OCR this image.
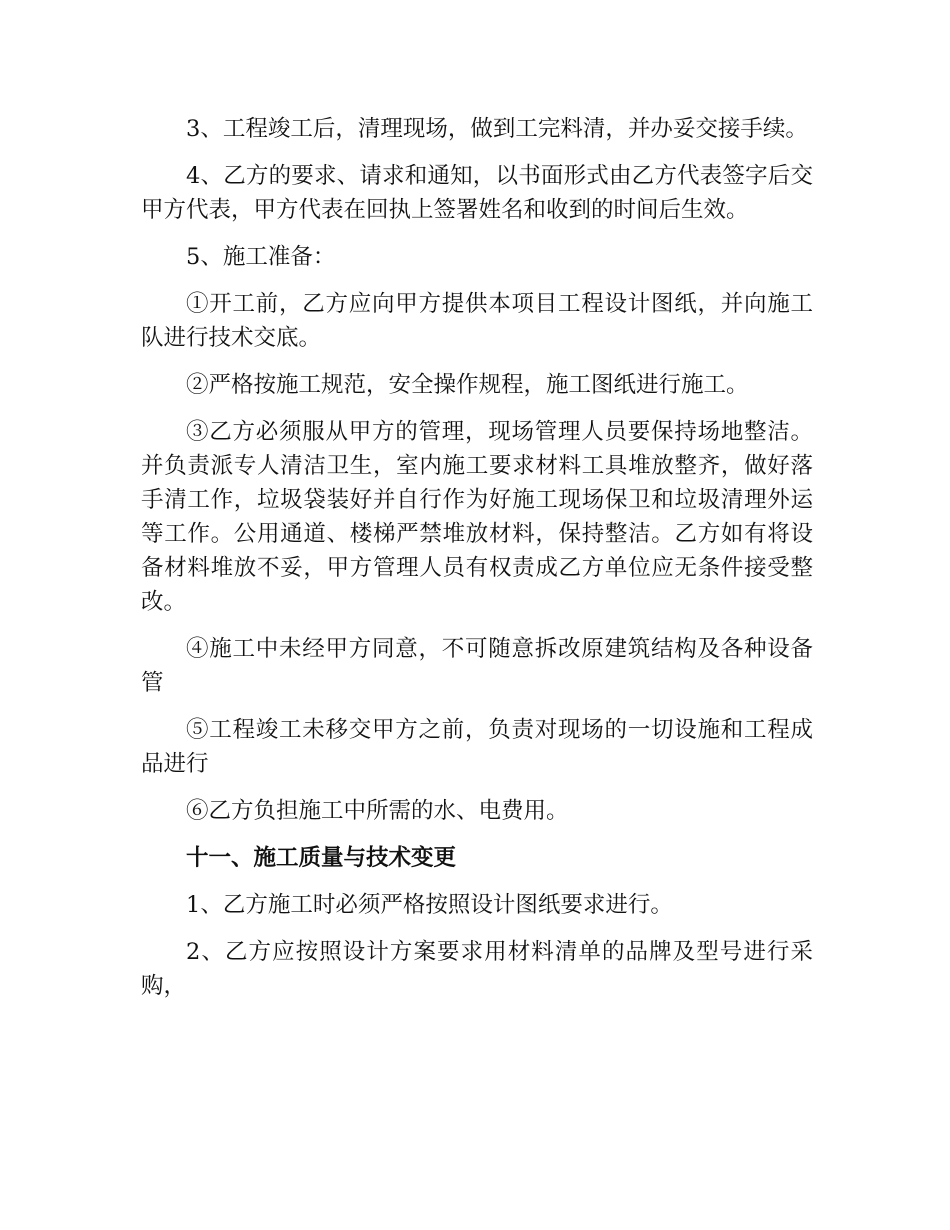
3、工程竣工后，清理现场，做到工完料清，并办妥交接手续。

4、乙方的要求、请求和通知，以书面形式由乙方代表签字后交甲方代表，甲方代表在回执上签署姓名和收到的时间后生效。

5、施工准备：

①开工前，乙方应向甲方提供本项目工程设计图纸，并向施工队进行技术交底。

②严格按施工规范，安全操作规程，施工图纸进行施工。

③乙方必须服从甲方的管理，现场管理人员要保持场地整洁。并负责派专人清洁卫生，室内施工要求材料工具堆放整齐，做好落手清工作，垃圾袋装好并自行作为好施工现场保卫和垃圾清理外运等工作。公用通道、楼梯严禁堆放材料，保持整洁。乙方如有将设备材料堆放不妥，甲方管理人员有权责成乙方单位应无条件接受整改。

④施工中未经甲方同意，不可随意拆改原建筑结构及各种设备管

⑤工程竣工未移交甲方之前，负责对现场的一切设施和工程成品进行

⑥乙方负担施工中所需的水、电费用。

十一、施工质量与技术变更

1、乙方施工时必须严格按照设计图纸要求进行。

2、乙方应按照设计方案要求用材料清单的品牌及型号进行采购，
